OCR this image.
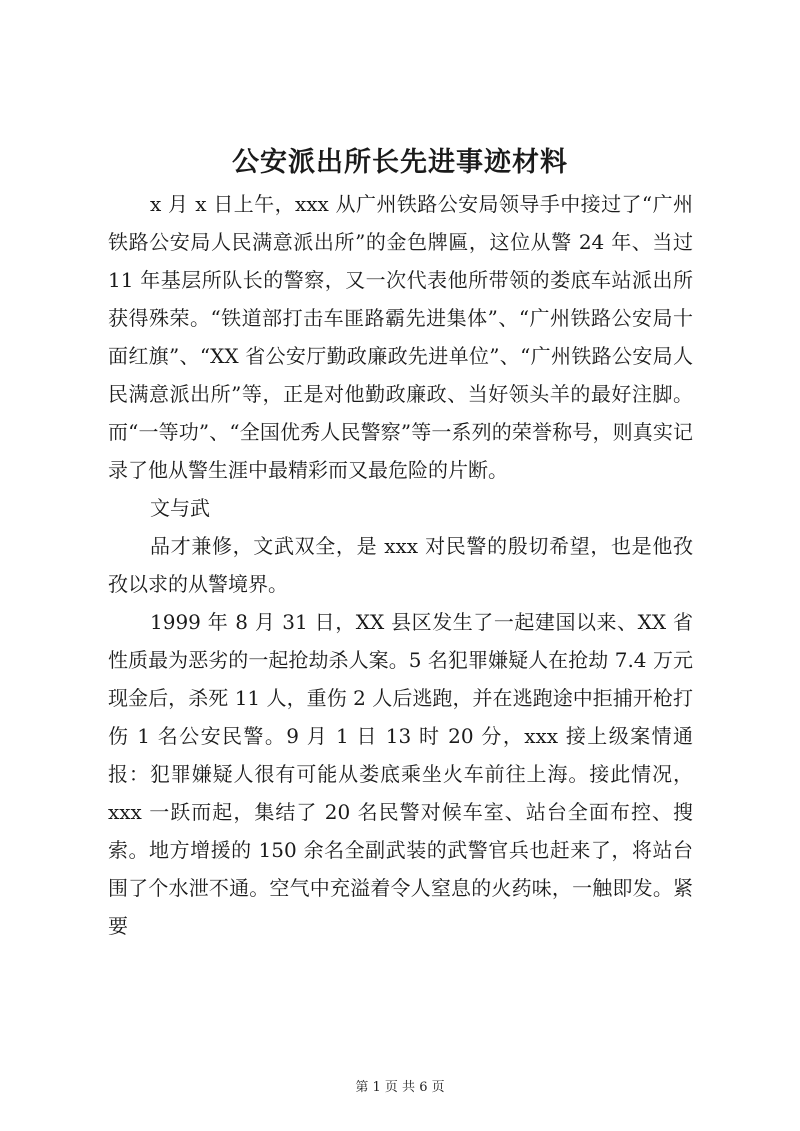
公安派出所长先进事迹材料

x 月 x 日上午，xxx 从广州铁路公安局领导手中接过了“广州铁路公安局人民满意派出所”的金色牌匾，这位从警 24 年、当过 11 年基层所队长的警察，又一次代表他所带领的娄底车站派出所获得殊荣。“铁道部打击车匪路霸先进集体”、“广州铁路公安局十面红旗”、“XX 省公安厅勤政廉政先进单位”、“广州铁路公安局人民满意派出所”等，正是对他勤政廉政、当好领头羊的最好注脚。而“一等功”、“全国优秀人民警察”等一系列的荣誉称号，则真实记录了他从警生涯中最精彩而又最危险的片断。

文与武

品才兼修，文武双全，是 xxx 对民警的殷切希望，也是他孜孜以求的从警境界。

1999 年 8 月 31 日，XX 县区发生了一起建国以来、XX 省性质最为恶劣的一起抢劫杀人案。5 名犯罪嫌疑人在抢劫 7.4 万元现金后，杀死 11 人，重伤 2 人后逃跑，并在逃跑途中拒捕开枪打伤 1 名公安民警。9 月 1 日 13 时 20 分，xxx 接上级案情通报：犯罪嫌疑人很有可能从娄底乘坐火车前往上海。接此情况，xxx 一跃而起，集结了 20 名民警对候车室、站台全面布控、搜索。地方增援的 150 余名全副武装的武警官兵也赶来了，将站台围了个水泄不通。空气中充溢着令人窒息的火药味，一触即发。紧要

第 1 页 共 6 页
